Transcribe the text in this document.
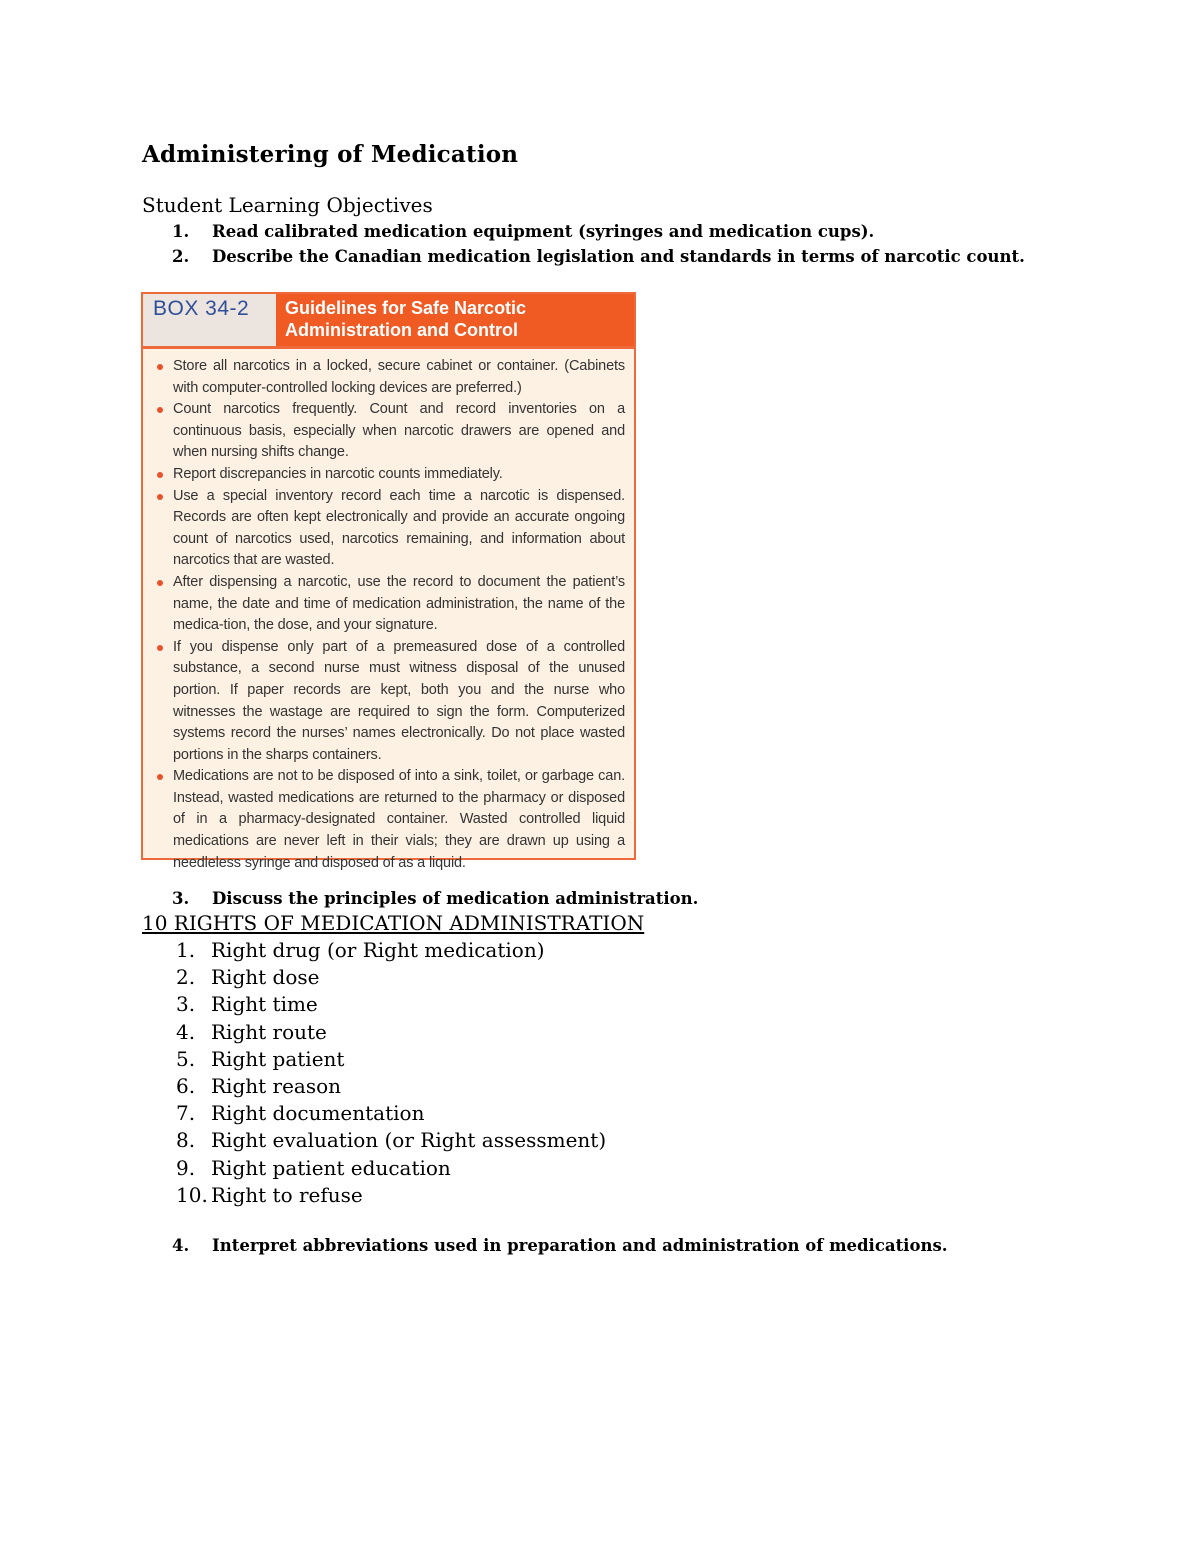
Administering of Medication
Student Learning Objectives
1.	Read calibrated medication equipment (syringes and medication cups).
2.	Describe the Canadian medication legislation and standards in terms of narcotic count.
BOX 34-2	Guidelines for Safe Narcotic
Administration and Control
Store all narcotics in a locked, secure cabinet or container. (Cabinets with computer-controlled locking devices are preferred.)
Count narcotics frequently. Count and record inventories on a continuous basis, especially when narcotic drawers are opened and when nursing shifts change.
Report discrepancies in narcotic counts immediately.
Use a special inventory record each time a narcotic is dispensed. Records are often kept electronically and provide an accurate ongoing count of narcotics used, narcotics remaining, and information about narcotics that are wasted.
After dispensing a narcotic, use the record to document the patient’s name, the date and time of medication administration, the name of the medica-tion, the dose, and your signature.
If you dispense only part of a premeasured dose of a controlled substance, a second nurse must witness disposal of the unused portion. If paper records are kept, both you and the nurse who witnesses the wastage are required to sign the form. Computerized systems record the nurses’ names electronically. Do not place wasted portions in the sharps containers.
Medications are not to be disposed of into a sink, toilet, or garbage can. Instead, wasted medications are returned to the pharmacy or disposed of in a pharmacy-designated container. Wasted controlled liquid medications are never left in their vials; they are drawn up using a needleless syringe and disposed of as a liquid.
3.	Discuss the principles of medication administration.
10 RIGHTS OF MEDICATION ADMINISTRATION
1. Right drug (or Right medication)
2. Right dose
3. Right time
4. Right route
5. Right patient
6. Right reason
7. Right documentation
8. Right evaluation (or Right assessment)
9. Right patient education
10. Right to refuse
4.	Interpret abbreviations used in preparation and administration of medications.
